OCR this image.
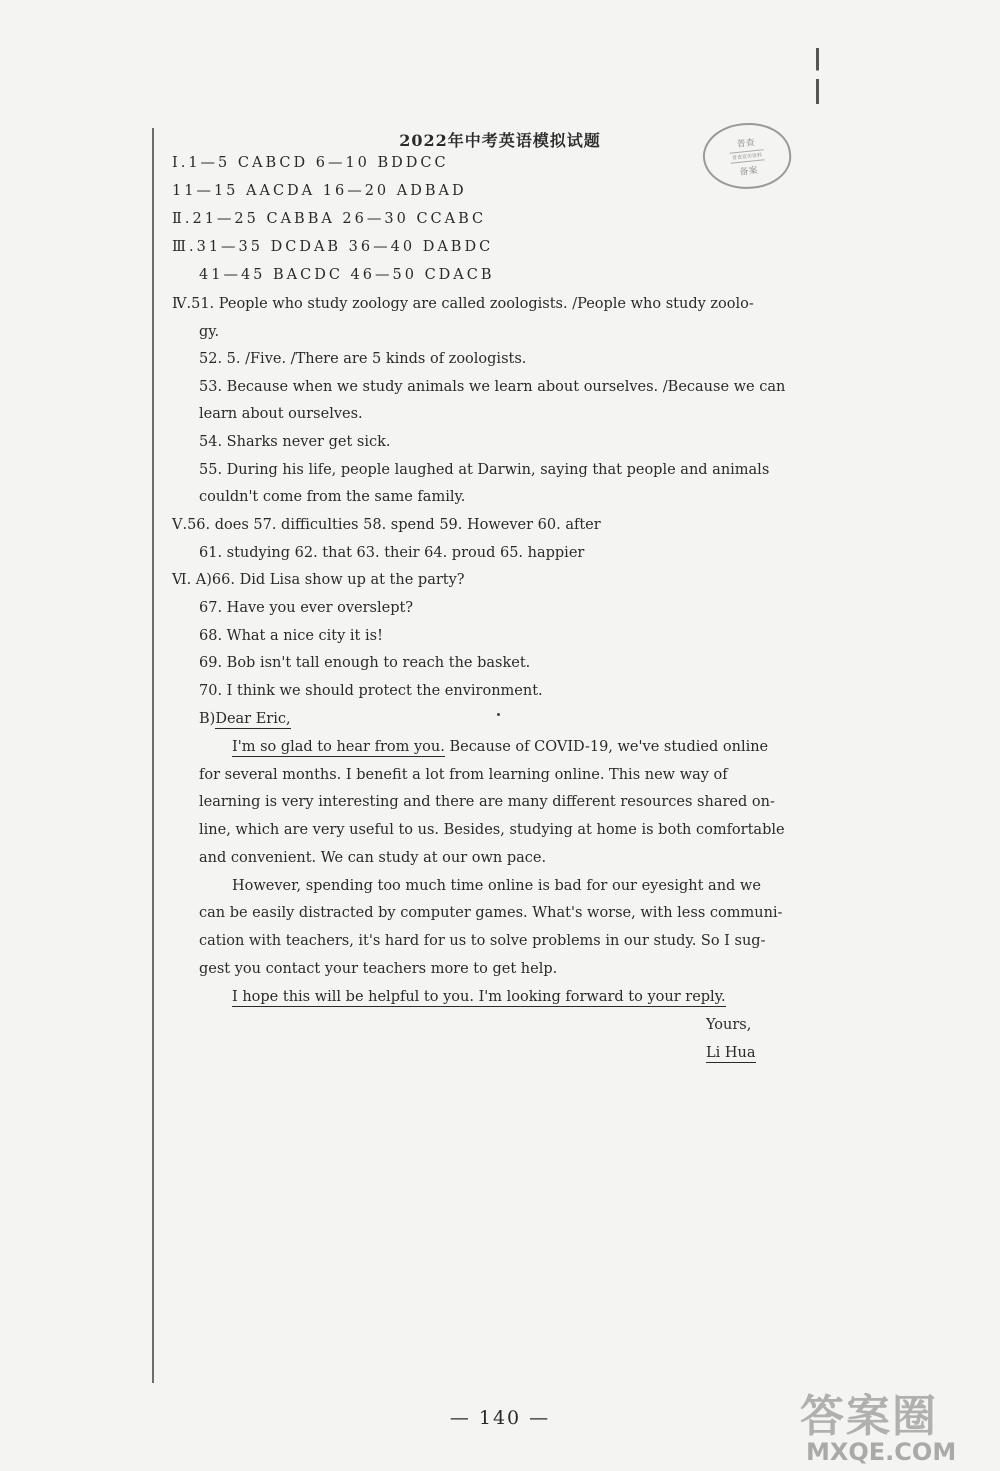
2022年中考英语模拟试题	普查
普查宣传资料
备案
Ⅰ.1—5 CABCD 6—10 BDDCC
11—15 AACDA 16—20 ADBAD
Ⅱ.21—25 CABBA 26—30 CCABC
Ⅲ.31—35 DCDAB 36—40 DABDC
41—45 BACDC 46—50 CDACB
Ⅳ.51. People who study zoology are called zoologists. /People who study zoolo-
gy.
52. 5. /Five. /There are 5 kinds of zoologists.
53. Because when we study animals we learn about ourselves. /Because we can
learn about ourselves.
54. Sharks never get sick.
55. During his life, people laughed at Darwin, saying that people and animals
couldn't come from the same family.
Ⅴ.56. does 57. difficulties 58. spend 59. However 60. after
61. studying 62. that 63. their 64. proud 65. happier
Ⅵ. A)66. Did Lisa show up at the party?
67. Have you ever overslept?
68. What a nice city it is!
69. Bob isn't tall enough to reach the basket.
70. I think we should protect the environment.
B)Dear Eric,
I'm so glad to hear from you. Because of COVID-19, we've studied online
for several months. I benefit a lot from learning online. This new way of
learning is very interesting and there are many different resources shared on-
line, which are very useful to us. Besides, studying at home is both comfortable
and convenient. We can study at our own pace.
However, spending too much time online is bad for our eyesight and we
can be easily distracted by computer games. What's worse, with less communi-
cation with teachers, it's hard for us to solve problems in our study. So I sug-
gest you contact your teachers more to get help.
I hope this will be helpful to you. I'm looking forward to your reply.
Yours,
Li Hua
— 140 —	答案圈
MXQE.COM
